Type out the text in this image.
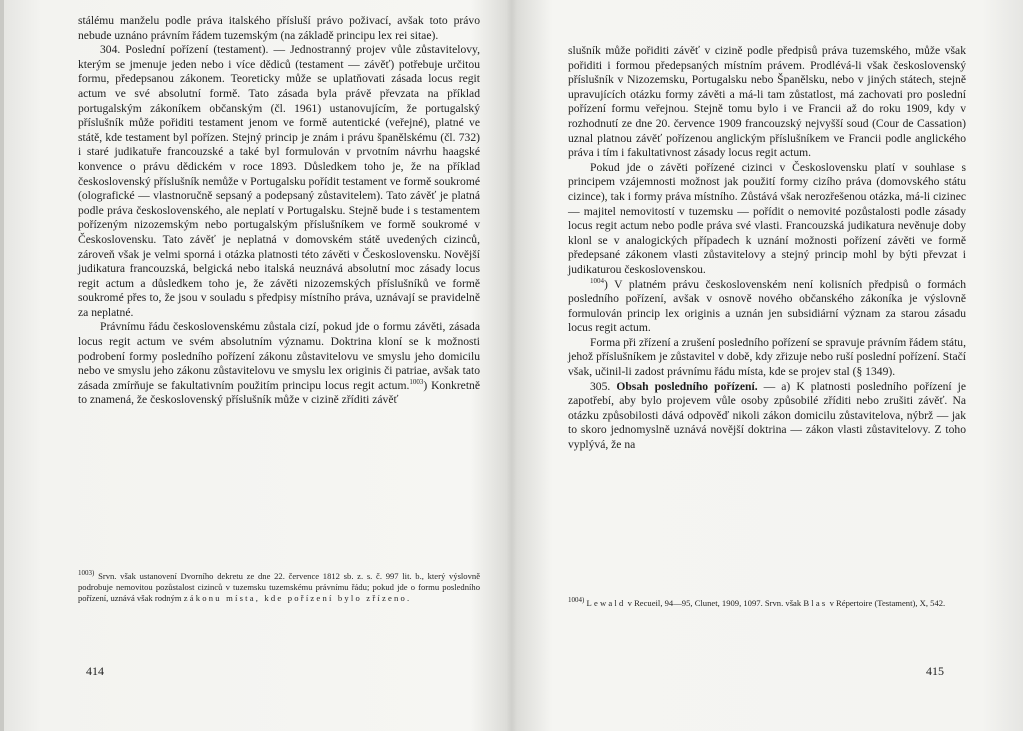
stálému manželu podle práva italského přísluší právo poživací, avšak toto právo nebude uznáno právním řádem tuzemským (na základě principu lex rei sitae).

304. Poslední pořízení (testament). — Jednostranný projev vůle zůstavitelovy, kterým se jmenuje jeden nebo i více dědiců (testament — závěť) potřebuje určitou formu, předepsanou zákonem. Teoreticky může se uplatňovati zásada locus regit actum ve své absolutní formě. Tato zásada byla právě převzata na příklad portugalským zákoníkem občanským (čl. 1961) ustanovujícím, že portugalský příslušník může pořiditi testament jenom ve formě autentické (veřejné), platné ve státě, kde testament byl pořízen. Stejný princip je znám i právu španělskému (čl. 732) i staré judikatuře francouzské a také byl formulován v prvotním návrhu haagské konvence o právu dědickém v roce 1893. Důsledkem toho je, že na příklad československý příslušník nemůže v Portugalsku pořídit testament ve formě soukromé (olografické — vlastnoručně sepsaný a podepsaný zůstavitelem). Tato závěť je platná podle práva československého, ale neplatí v Portugalsku. Stejně bude i s testamentem pořízeným nizozemským nebo portugalským příslušníkem ve formě soukromé v Československu. Tato závěť je neplatná v domovském státě uvedených cizinců, zároveň však je velmi sporná i otázka platnosti této závěti v Československu. Novější judikatura francouzská, belgická nebo italská neuznává absolutní moc zásady locus regit actum a důsledkem toho je, že závěti nizozemských příslušníků ve formě soukromé přes to, že jsou v souladu s předpisy místního práva, uznávají se pravidelně za neplatné.

Právnímu řádu československému zůstala cizí, pokud jde o formu závěti, zásada locus regit actum ve svém absolutním významu. Doktrina kloní se k možnosti podrobení formy posledního pořízení zákonu zůstavitelovu ve smyslu jeho domicilu nebo ve smyslu jeho zákonu zůstavitelovu ve smyslu lex originis či patriae, avšak tato zásada zmírňuje se fakultativním použitím principu locus regit actum.$^{1003}$) Konkretně to znamená, že československý příslušník může v cizině zříditi závěť

$^{1003)}$ Srvn. však ustanovení Dvorního dekretu ze dne 22. července 1812 sb. z. s. č. 997 lit. b., který výslovně podrobuje nemovitou pozůstalost cizinců v tuzemsku tuzemskému právnímu řádu; pokud jde o formu posledního pořízení, uznává však rodným zákonu místa, kde pořízení bylo zřízeno.

414

slušník může pořiditi závěť v cizině podle předpisů práva tuzemského, může však pořiditi i formou předepsaných místním právem. Prodlévá-li však československý příslušník v Nizozemsku, Portugalsku nebo Španělsku, nebo v jiných státech, stejně upravujících otázku formy závěti a má-li tam zůstatlost, má zachovati pro poslední pořízení formu veřejnou. Stejně tomu bylo i ve Francii až do roku 1909, kdy v rozhodnutí ze dne 20. července 1909 francouzský nejvyšší soud (Cour de Cassation) uznal platnou závěť pořízenou anglickým příslušníkem ve Francii podle anglického práva i tím i fakultativnost zásady locus regit actum.

Pokud jde o závěti pořízené cizinci v Československu platí v souhlase s principem vzájemnosti možnost jak použití formy cizího práva (domovského státu cizince), tak i formy práva místního. Zůstává však nerozřešenou otázka, má-li cizinec — majitel nemovitostí v tuzemsku — pořídit o nemovité pozůstalosti podle zásady locus regit actum nebo podle práva své vlasti. Francouzská judikatura nevěnuje doby klonl se v analogických případech k uznání možnosti pořízení závěti ve formě předepsané zákonem vlasti zůstavitelovy a stejný princip mohl by býti převzat i judikaturou československou.

$^{1004}$) V platném právu československém není kolisních předpisů o formách posledního pořízení, avšak v osnově nového občanského zákoníka je výslovně formulován princip lex originis a uznán jen subsidiární význam za starou zásadu locus regit actum.

Forma při zřízení a zrušení posledního pořízení se spravuje právním řádem státu, jehož příslušníkem je zůstavitel v době, kdy zřizuje nebo ruší poslední pořízení. Stačí však, učinil-li zadost právnímu řádu místa, kde se projev stal (§ 1349).

305. Obsah posledního pořízení. — a) K platnosti posledního pořízení je zapotřebí, aby bylo projevem vůle osoby způsobilé zříditi nebo zrušiti závěť. Na otázku způsobilosti dává odpověď nikoli zákon domicilu zůstavitelova, nýbrž — jak to skoro jednomyslně uznává novější doktrina — zákon vlasti zůstavitelovy. Z toho vyplývá, že na

$^{1004)}$ Lewald v Recueil, 94—95, Clunet, 1909, 1097. Srvn. však Blas v Répertoire (Testament), X, 542.

415
